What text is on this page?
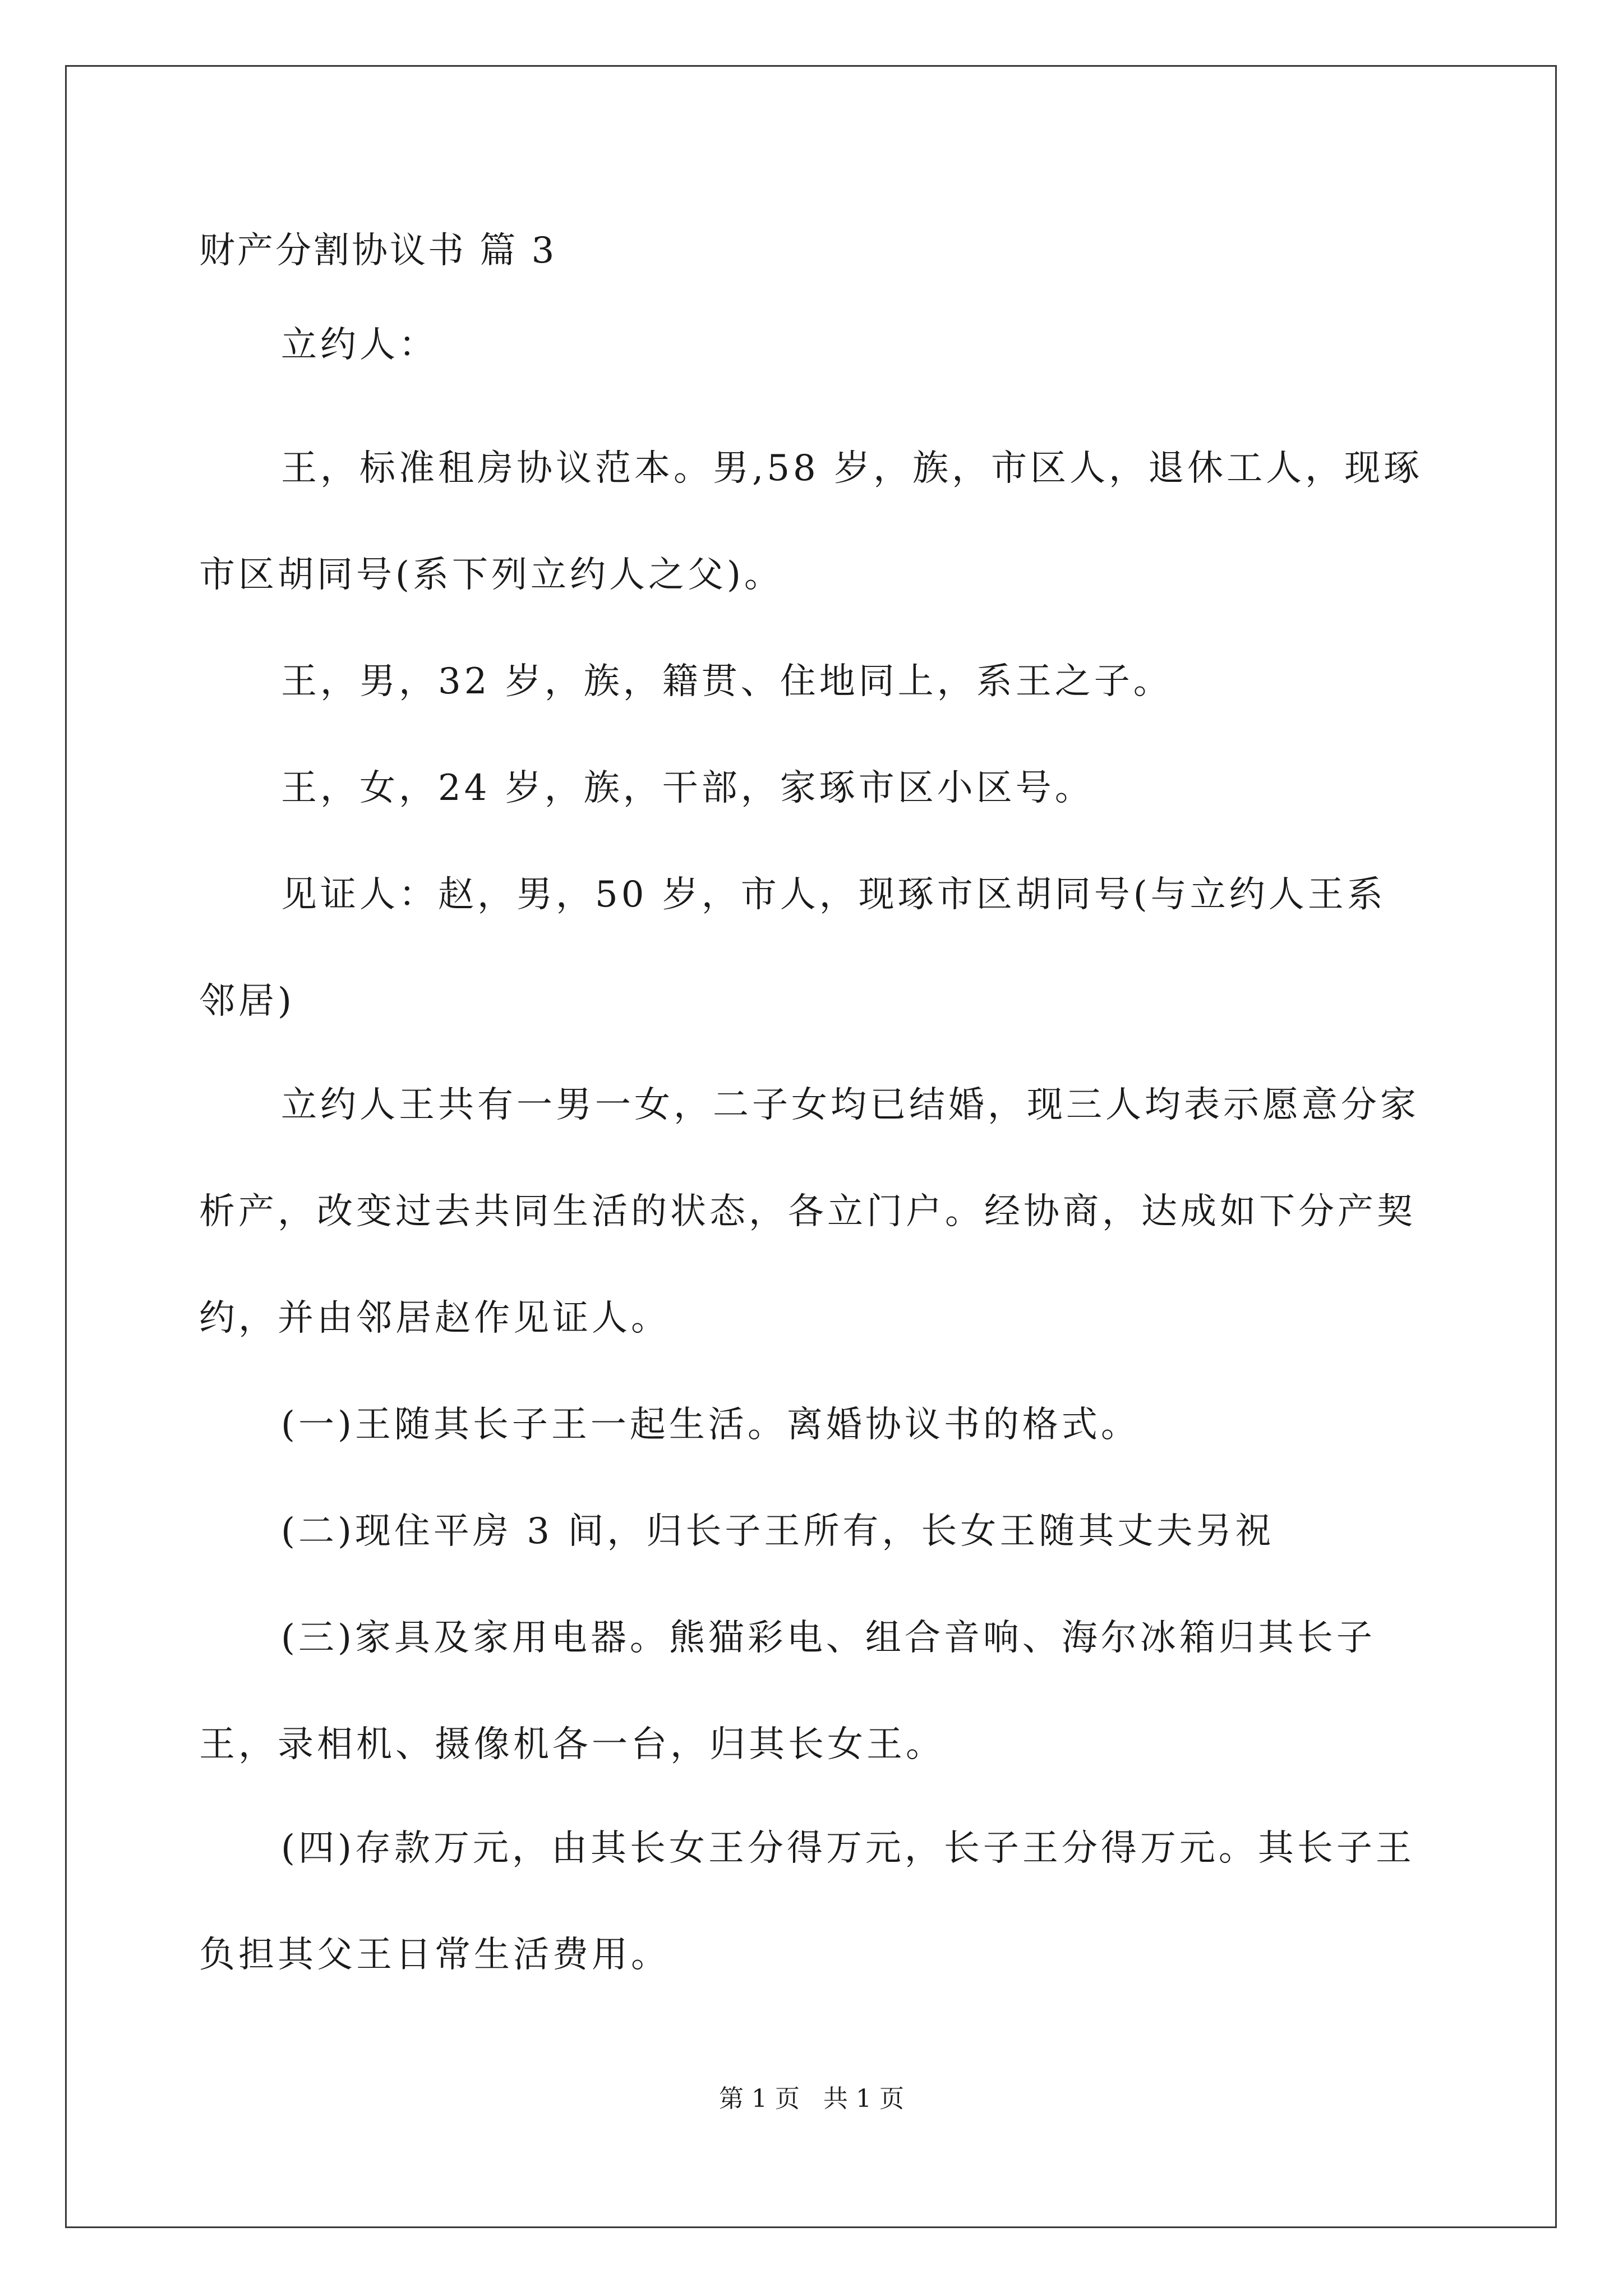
财产分割协议书 篇 3

立约人：

王，标准租房协议范本。男,58 岁，族，市区人，退休工人，现琢市区胡同号(系下列立约人之父)。

王，男，32 岁，族，籍贯、住地同上，系王之子。

王，女，24 岁，族，干部，家琢市区小区号。

见证人：赵，男，50 岁，市人，现琢市区胡同号(与立约人王系邻居)

立约人王共有一男一女，二子女均已结婚，现三人均表示愿意分家析产，改变过去共同生活的状态，各立门户。经协商，达成如下分产契约，并由邻居赵作见证人。

(一)王随其长子王一起生活。离婚协议书的格式。

(二)现住平房 3 间，归长子王所有，长女王随其丈夫另祝

(三)家具及家用电器。熊猫彩电、组合音响、海尔冰箱归其长子王，录相机、摄像机各一台，归其长女王。

(四)存款万元，由其长女王分得万元，长子王分得万元。其长子王负担其父王日常生活费用。

第 1 页 共 1 页
